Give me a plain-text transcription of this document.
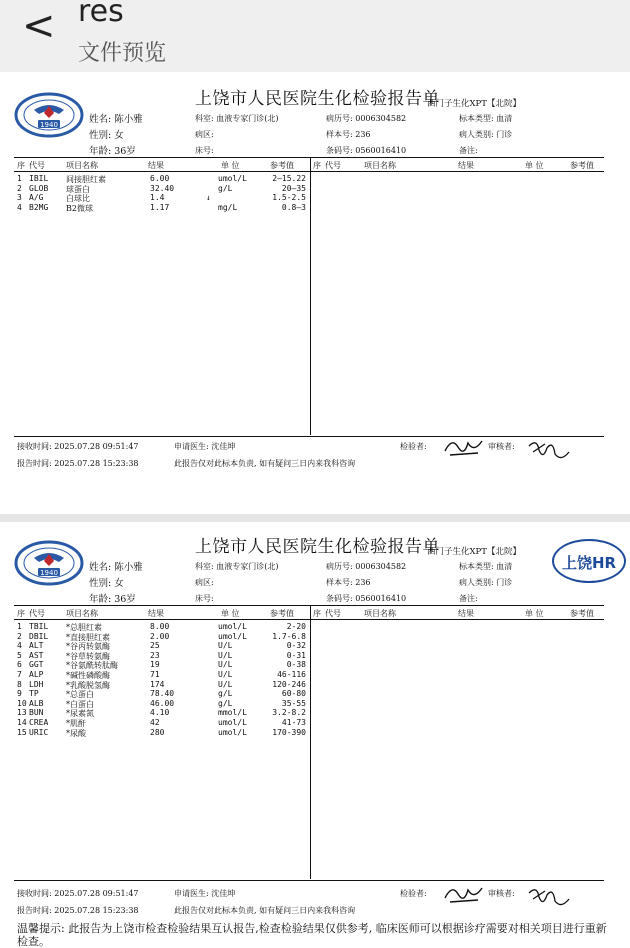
< res
文件预览
1940
上饶市人民医院生化检验报告单
西门子生化XPT【北院】
姓名: 陈小雅
性别: 女
年龄: 36岁
科室: 血液专家门诊(北)
病区:
床号:
病历号: 0006304582
样本号: 236
条码号: 0560016410
标本类型: 血清
病人类别: 门诊
备注:
序 代号	项目名称	结果	单 位	参考值 序 代号	项目名称	结果	单 位	参考值
1 IBIL 间接胆红素	6.00	umol/L	2—15.22
2 GLOB 球蛋白	32.40	g/L	20—35
3 A/G	白球比	1.4	↓	1.5-2.5
4 B2MG B2微球	1.17	mg/L	0.8—3
接收时间: 2025.07.28 09:51:47	申请医生: 沈佳坤
报告时间: 2025.07.28 15:23:38	此报告仅对此标本负责, 如有疑问三日内来我科咨询
检验者:	审核者:
1940
上饶HR
上饶市人民医院生化检验报告单
西门子生化XPT【北院】
姓名: 陈小雅
性别: 女
年龄: 36岁
科室: 血液专家门诊(北)
病区:
床号:
病历号: 0006304582
样本号: 236
条码号: 0560016410
标本类型: 血清
病人类别: 门诊
备注:
序 代号	项目名称	结果	单 位	参考值 序 代号	项目名称	结果	单 位	参考值
1 TBIL *总胆红素	8.00	umol/L	2-20
2 DBIL *直接胆红素	2.00	umol/L	1.7-6.8
4 ALT	*谷丙转氨酶	25	U/L	0-32
5 AST	*谷草转氨酶	23	U/L	0-31
6 GGT	*谷氨酰转肽酶	19	U/L	0-38
7 ALP	*碱性磷酸酶	71	U/L	46-116
8 LDH	*乳酸脱氢酶	174	U/L	120-246
9 TP	*总蛋白	78.40	g/L	60-80
10 ALB	*白蛋白	46.00	g/L	35-55
13 BUN	*尿素氮	4.10	mmol/L	3.2-8.2
14 CREA *肌酐	42	umol/L	41-73
15 URIC *尿酸	280	umol/L	170-390
接收时间: 2025.07.28 09:51:47	申请医生: 沈佳坤
报告时间: 2025.07.28 15:23:38	此报告仅对此标本负责, 如有疑问三日内来我科咨询
检验者:	审核者:
温馨提示: 此报告为上饶市检查检验结果互认报告,检查检验结果仅供参考, 临床医师可以根据诊疗需要对相关项目进行重新检查。
